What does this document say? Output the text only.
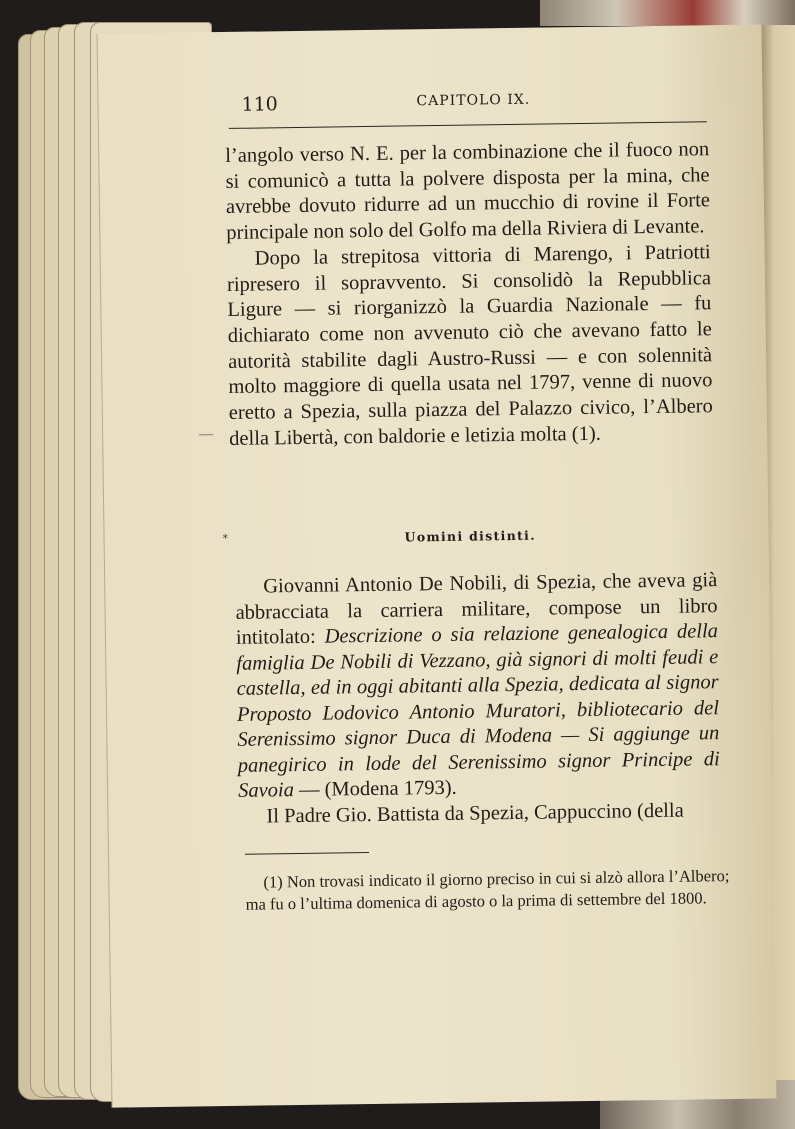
110	CAPITOLO IX.

l’angolo verso N. E. per la combinazione che il fuoco non si comunicò a tutta la polvere disposta per la mina, che avrebbe dovuto ridurre ad un mucchio di rovine il Forte principale non solo del Golfo ma della Riviera di Levante.

Dopo la strepitosa vittoria di Marengo, i Patriotti ripresero il sopravvento. Si consolidò la Repubblica Ligure — si riorganizzò la Guardia Nazionale — fu dichiarato come non avvenuto ciò che avevano fatto le autorità stabilite dagli Austro-Russi — e con solennità molto maggiore di quella usata nel 1797, venne di nuovo eretto a Spezia, sulla piazza del Palazzo civico, l’Albero della Libertà, con baldorie e letizia molta (1).

*	Uomini distinti.

Giovanni Antonio De Nobili, di Spezia, che aveva già abbracciata la carriera militare, compose un libro intitolato: Descrizione o sia relazione genealogica della famiglia De Nobili di Vezzano, già signori di molti feudi e castella, ed in oggi abitanti alla Spezia, dedicata al signor Proposto Lodovico Antonio Muratori, bibliotecario del Serenissimo signor Duca di Modena — Si aggiunge un panegirico in lode del Serenissimo signor Principe di Savoia — (Modena 1793).

Il Padre Gio. Battista da Spezia, Cappuccino (della

(1) Non trovasi indicato il giorno preciso in cui si alzò allora l’Albero; ma fu o l’ultima domenica di agosto o la prima di settembre del 1800.
